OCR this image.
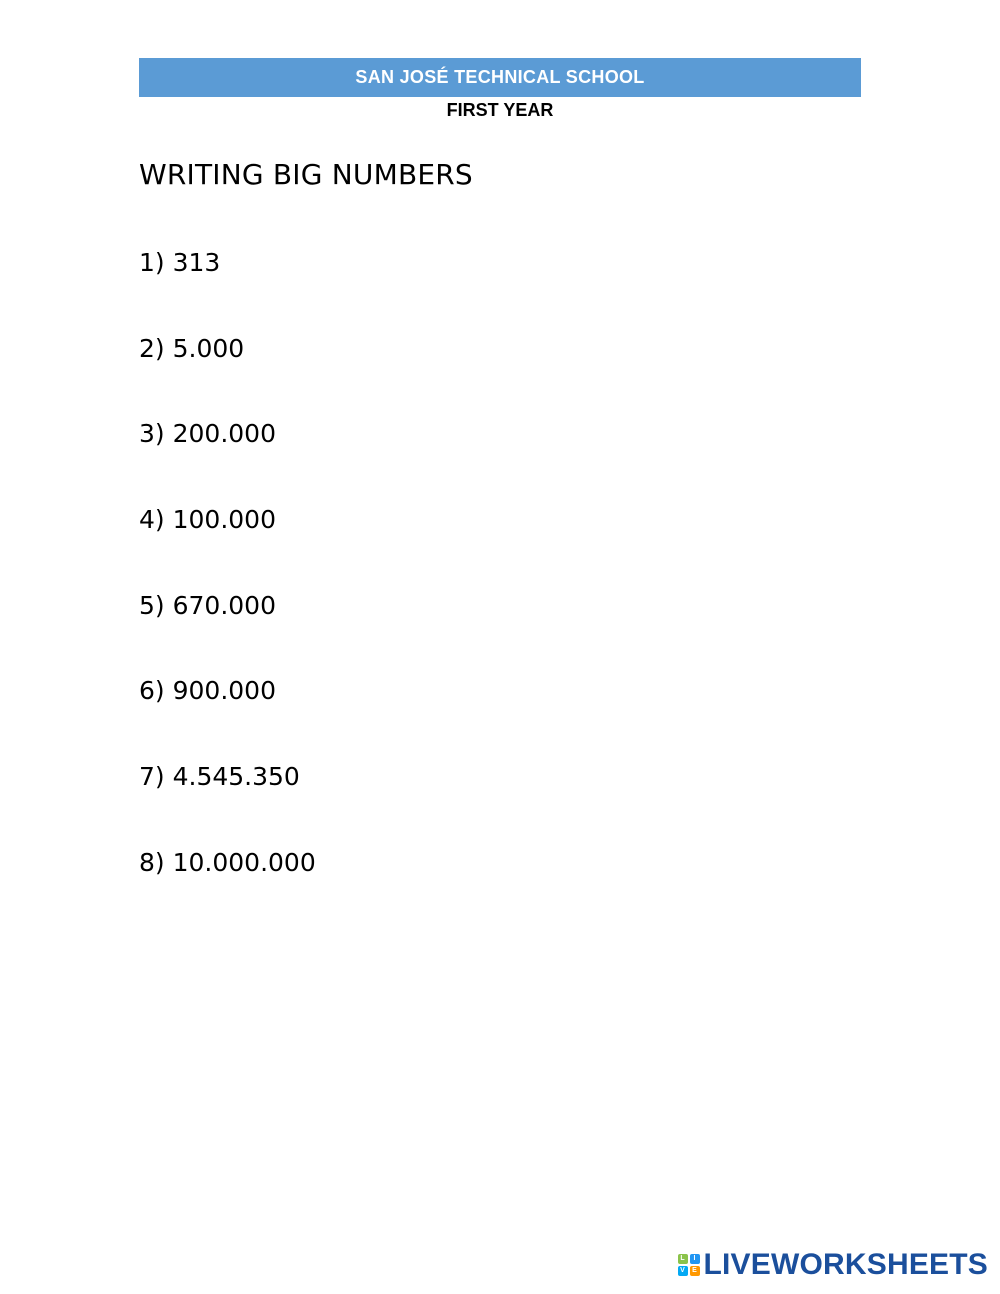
SAN JOSÉ TECHNICAL SCHOOL
FIRST YEAR
WRITING BIG NUMBERS
1) 313
2) 5.000
3) 200.000
4) 100.000
5) 670.000
6) 900.000
7) 4.545.350
8) 10.000.000
L	I
V	E LIVEWORKSHEETS
